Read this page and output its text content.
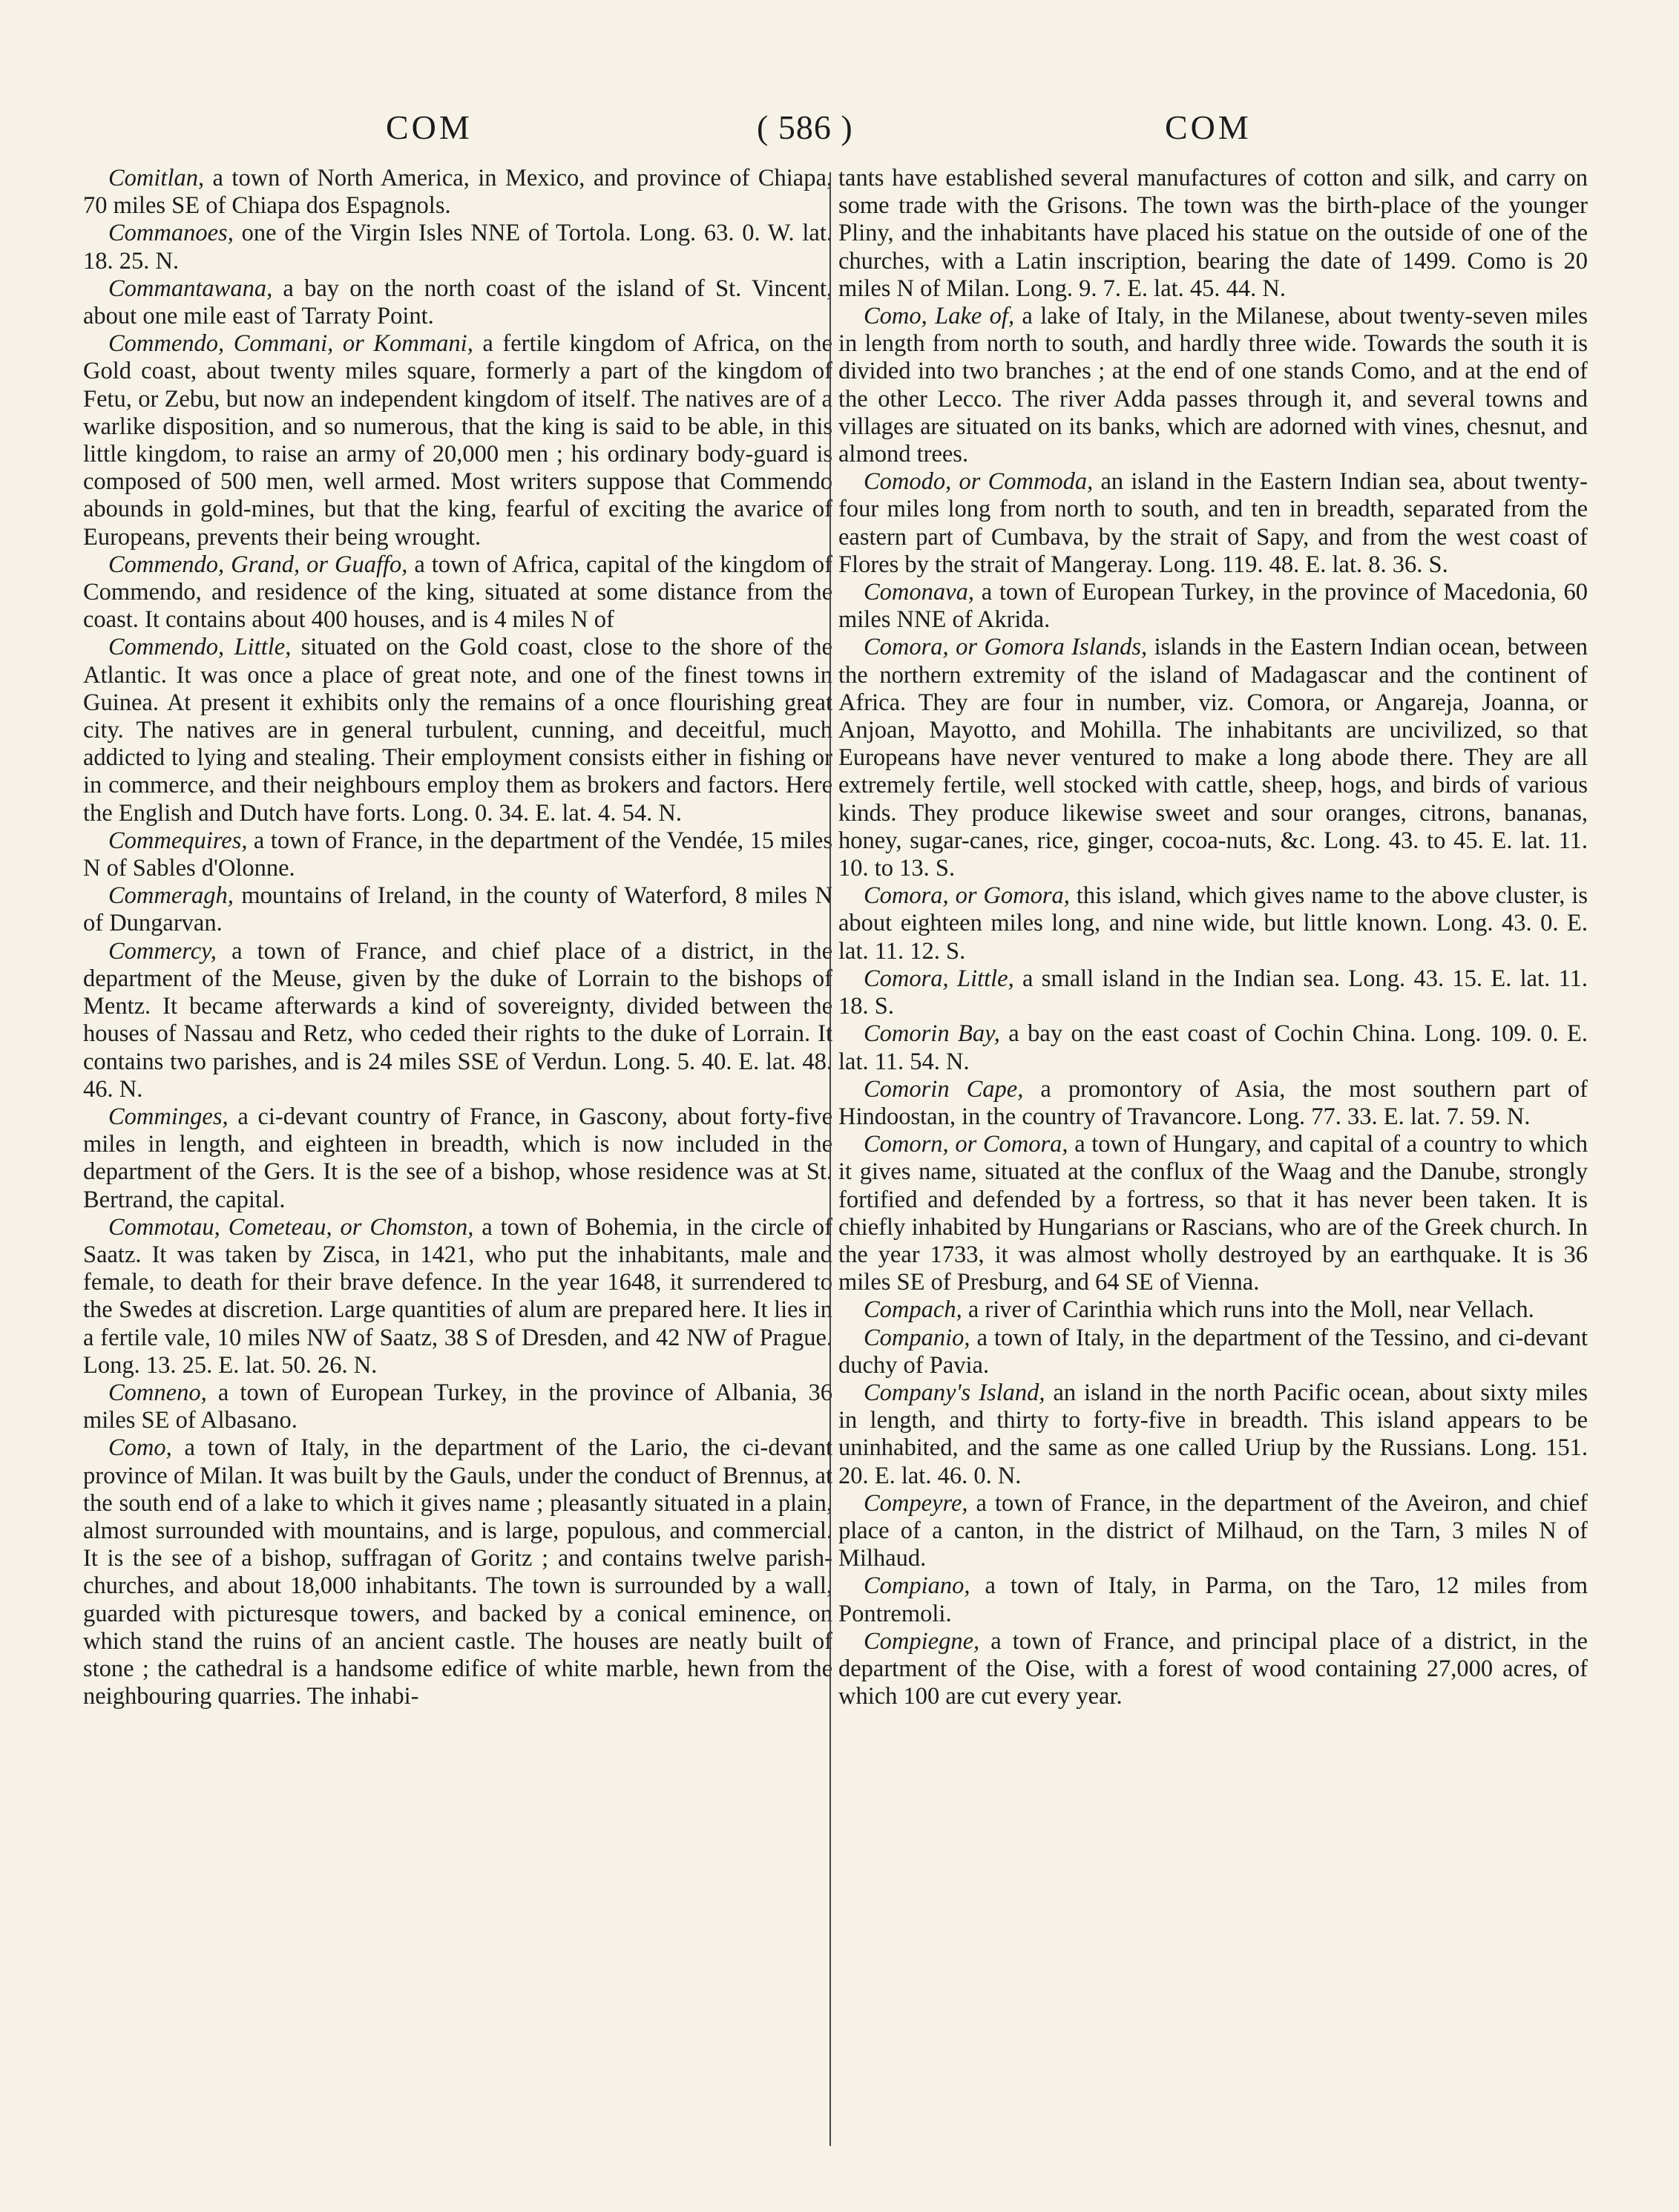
COM	( 586 )	COM

Comitlan, a town of North America, in Mexico, and province of Chiapa, 70 miles SE of Chiapa dos Espagnols.

Commanoes, one of the Virgin Isles NNE of Tortola. Long. 63. 0. W. lat. 18. 25. N.

Commantawana, a bay on the north coast of the island of St. Vincent, about one mile east of Tarraty Point.

Commendo, Commani, or Kommani, a fertile kingdom of Africa, on the Gold coast, about twenty miles square, formerly a part of the kingdom of Fetu, or Zebu, but now an independent kingdom of itself. The natives are of a warlike disposition, and so numerous, that the king is said to be able, in this little kingdom, to raise an army of 20,000 men ; his ordinary body-guard is composed of 500 men, well armed. Most writers suppose that Commendo abounds in gold-mines, but that the king, fearful of exciting the avarice of Europeans, prevents their being wrought.

Commendo, Grand, or Guaffo, a town of Africa, capital of the kingdom of Commendo, and residence of the king, situated at some distance from the coast. It contains about 400 houses, and is 4 miles N of

Commendo, Little, situated on the Gold coast, close to the shore of the Atlantic. It was once a place of great note, and one of the finest towns in Guinea. At present it exhibits only the remains of a once flourishing great city. The natives are in general turbulent, cunning, and deceitful, much addicted to lying and stealing. Their employment consists either in fishing or in commerce, and their neighbours employ them as brokers and factors. Here the English and Dutch have forts. Long. 0. 34. E. lat. 4. 54. N.

Commequires, a town of France, in the department of the Vendée, 15 miles N of Sables d'Olonne.

Commeragh, mountains of Ireland, in the county of Waterford, 8 miles N of Dungarvan.

Commercy, a town of France, and chief place of a district, in the department of the Meuse, given by the duke of Lorrain to the bishops of Mentz. It became afterwards a kind of sovereignty, divided between the houses of Nassau and Retz, who ceded their rights to the duke of Lorrain. It contains two parishes, and is 24 miles SSE of Verdun. Long. 5. 40. E. lat. 48. 46. N.

Comminges, a ci-devant country of France, in Gascony, about forty-five miles in length, and eighteen in breadth, which is now included in the department of the Gers. It is the see of a bishop, whose residence was at St. Bertrand, the capital.

Commotau, Cometeau, or Chomston, a town of Bohemia, in the circle of Saatz. It was taken by Zisca, in 1421, who put the inhabitants, male and female, to death for their brave defence. In the year 1648, it surrendered to the Swedes at discretion. Large quantities of alum are prepared here. It lies in a fertile vale, 10 miles NW of Saatz, 38 S of Dresden, and 42 NW of Prague. Long. 13. 25. E. lat. 50. 26. N.

Comneno, a town of European Turkey, in the province of Albania, 36 miles SE of Albasano.

Como, a town of Italy, in the department of the Lario, the ci-devant province of Milan. It was built by the Gauls, under the conduct of Brennus, at the south end of a lake to which it gives name ; pleasantly situated in a plain, almost surrounded with mountains, and is large, populous, and commercial. It is the see of a bishop, suffragan of Goritz ; and contains twelve parish-churches, and about 18,000 inhabitants. The town is surrounded by a wall, guarded with picturesque towers, and backed by a conical eminence, on which stand the ruins of an ancient castle. The houses are neatly built of stone ; the cathedral is a handsome edifice of white marble, hewn from the neighbouring quarries. The inhabi-

tants have established several manufactures of cotton and silk, and carry on some trade with the Grisons. The town was the birth-place of the younger Pliny, and the inhabitants have placed his statue on the outside of one of the churches, with a Latin inscription, bearing the date of 1499. Como is 20 miles N of Milan. Long. 9. 7. E. lat. 45. 44. N.

Como, Lake of, a lake of Italy, in the Milanese, about twenty-seven miles in length from north to south, and hardly three wide. Towards the south it is divided into two branches ; at the end of one stands Como, and at the end of the other Lecco. The river Adda passes through it, and several towns and villages are situated on its banks, which are adorned with vines, chesnut, and almond trees.

Comodo, or Commoda, an island in the Eastern Indian sea, about twenty-four miles long from north to south, and ten in breadth, separated from the eastern part of Cumbava, by the strait of Sapy, and from the west coast of Flores by the strait of Mangeray. Long. 119. 48. E. lat. 8. 36. S.

Comonava, a town of European Turkey, in the province of Macedonia, 60 miles NNE of Akrida.

Comora, or Gomora Islands, islands in the Eastern Indian ocean, between the northern extremity of the island of Madagascar and the continent of Africa. They are four in number, viz. Comora, or Angareja, Joanna, or Anjoan, Mayotto, and Mohilla. The inhabitants are uncivilized, so that Europeans have never ventured to make a long abode there. They are all extremely fertile, well stocked with cattle, sheep, hogs, and birds of various kinds. They produce likewise sweet and sour oranges, citrons, bananas, honey, sugar-canes, rice, ginger, cocoa-nuts, &c. Long. 43. to 45. E. lat. 11. 10. to 13. S.

Comora, or Gomora, this island, which gives name to the above cluster, is about eighteen miles long, and nine wide, but little known. Long. 43. 0. E. lat. 11. 12. S.

Comora, Little, a small island in the Indian sea. Long. 43. 15. E. lat. 11. 18. S.

Comorin Bay, a bay on the east coast of Cochin China. Long. 109. 0. E. lat. 11. 54. N.

Comorin Cape, a promontory of Asia, the most southern part of Hindoostan, in the country of Travancore. Long. 77. 33. E. lat. 7. 59. N.

Comorn, or Comora, a town of Hungary, and capital of a country to which it gives name, situated at the conflux of the Waag and the Danube, strongly fortified and defended by a fortress, so that it has never been taken. It is chiefly inhabited by Hungarians or Rascians, who are of the Greek church. In the year 1733, it was almost wholly destroyed by an earthquake. It is 36 miles SE of Presburg, and 64 SE of Vienna.

Compach, a river of Carinthia which runs into the Moll, near Vellach.

Companio, a town of Italy, in the department of the Tessino, and ci-devant duchy of Pavia.

Company's Island, an island in the north Pacific ocean, about sixty miles in length, and thirty to forty-five in breadth. This island appears to be uninhabited, and the same as one called Uriup by the Russians. Long. 151. 20. E. lat. 46. 0. N.

Compeyre, a town of France, in the department of the Aveiron, and chief place of a canton, in the district of Milhaud, on the Tarn, 3 miles N of Milhaud.

Compiano, a town of Italy, in Parma, on the Taro, 12 miles from Pontremoli.

Compiegne, a town of France, and principal place of a district, in the department of the Oise, with a forest of wood containing 27,000 acres, of which 100 are cut every year.
